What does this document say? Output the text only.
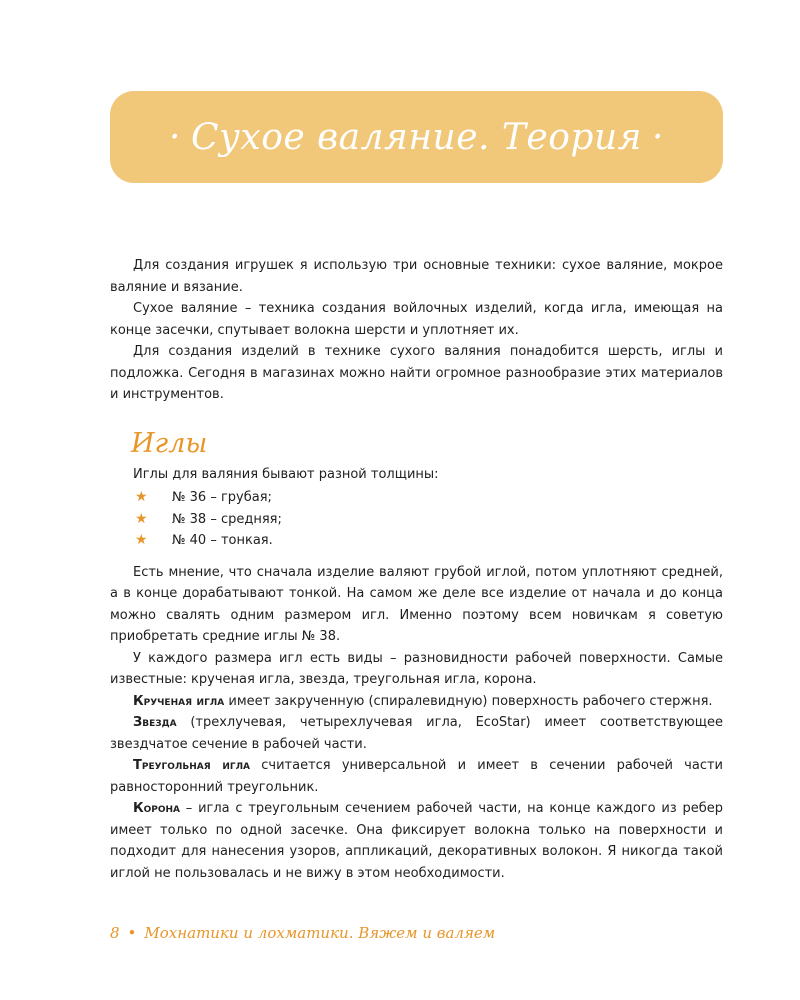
· Сухое валяние. Теория ·

Для создания игрушек я использую три основные техники: сухое валяние, мокрое валяние и вязание.

Сухое валяние – техника создания войлочных изделий, когда игла, имеющая на конце засечки, спутывает волокна шерсти и уплотняет их.

Для создания изделий в технике сухого валяния понадобится шерсть, иглы и подложка. Сегодня в магазинах можно найти огромное разнообразие этих материалов и инструментов.

Иглы

Иглы для валяния бывают разной толщины:

★	№ 36 – грубая;
★	№ 38 – средняя;
★	№ 40 – тонкая.

Есть мнение, что сначала изделие валяют грубой иглой, потом уплотняют средней, а в конце дорабатывают тонкой. На самом же деле все изделие от начала и до конца можно свалять одним размером игл. Именно поэтому всем новичкам я советую приобретать средние иглы № 38.

У каждого размера игл есть виды – разновидности рабочей поверхности. Самые известные: крученая игла, звезда, треугольная игла, корона.

Крученая игла имеет закрученную (спиралевидную) поверхность рабочего стержня.

Звезда (трехлучевая, четырехлучевая игла, EcoStar) имеет соответствующее звездчатое сечение в рабочей части.

Треугольная игла считается универсальной и имеет в сечении рабочей части равносторонний треугольник.

Корона – игла с треугольным сечением рабочей части, на конце каждого из ребер имеет только по одной засечке. Она фиксирует волокна только на поверхности и подходит для нанесения узоров, аппликаций, декоративных волокон. Я никогда такой иглой не пользовалась и не вижу в этом необходимости.

8 • Мохнатики и лохматики. Вяжем и валяем
